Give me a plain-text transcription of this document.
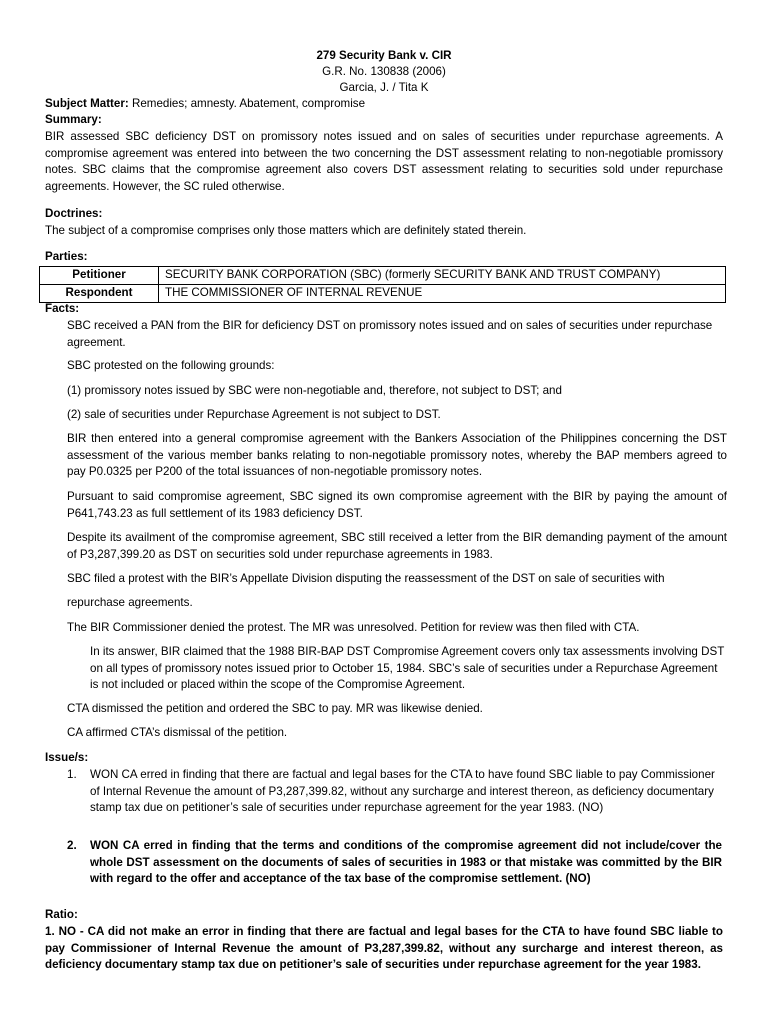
279 Security Bank v. CIR
G.R. No. 130838 (2006)
Garcia, J. / Tita K
Subject Matter: Remedies; amnesty. Abatement, compromise
Summary:

BIR assessed SBC deficiency DST on promissory notes issued and on sales of securities under repurchase agreements. A compromise agreement was entered into between the two concerning the DST assessment relating to non-negotiable promissory notes. SBC claims that the compromise agreement also covers DST assessment relating to securities sold under repurchase agreements. However, the SC ruled otherwise.

Doctrines:

The subject of a compromise comprises only those matters which are definitely stated therein.

Parties:
Petitioner	SECURITY BANK CORPORATION (SBC) (formerly SECURITY BANK AND TRUST COMPANY)
Respondent	THE COMMISSIONER OF INTERNAL REVENUE
Facts:

SBC received a PAN from the BIR for deficiency DST on promissory notes issued and on sales of securities under repurchase agreement.

SBC protested on the following grounds:

(1) promissory notes issued by SBC were non-negotiable and, therefore, not subject to DST; and

(2) sale of securities under Repurchase Agreement is not subject to DST.

BIR then entered into a general compromise agreement with the Bankers Association of the Philippines concerning the DST assessment of the various member banks relating to non-negotiable promissory notes, whereby the BAP members agreed to pay P0.0325 per P200 of the total issuances of non-negotiable promissory notes.

Pursuant to said compromise agreement, SBC signed its own compromise agreement with the BIR by paying the amount of P641,743.23 as full settlement of its 1983 deficiency DST.

Despite its availment of the compromise agreement, SBC still received a letter from the BIR demanding payment of the amount of P3,287,399.20 as DST on securities sold under repurchase agreements in 1983.

SBC filed a protest with the BIR’s Appellate Division disputing the reassessment of the DST on sale of securities with

repurchase agreements.

The BIR Commissioner denied the protest. The MR was unresolved. Petition for review was then filed with CTA.

In its answer, BIR claimed that the 1988 BIR-BAP DST Compromise Agreement covers only tax assessments involving DST on all types of promissory notes issued prior to October 15, 1984. SBC’s sale of securities under a Repurchase Agreement is not included or placed within the scope of the Compromise Agreement.

CTA dismissed the petition and ordered the SBC to pay. MR was likewise denied.

CA affirmed CTA’s dismissal of the petition.

Issue/s:
1. WON CA erred in finding that there are factual and legal bases for the CTA to have found SBC liable to pay Commissioner of Internal Revenue the amount of P3,287,399.82, without any surcharge and interest thereon, as deficiency documentary stamp tax due on petitioner’s sale of securities under repurchase agreement for the year 1983. (NO)

2. WON CA erred in finding that the terms and conditions of the compromise agreement did not include/cover the whole DST assessment on the documents of sales of securities in 1983 or that mistake was committed by the BIR with regard to the offer and acceptance of the tax base of the compromise settlement. (NO)

Ratio:

1. NO - CA did not make an error in finding that there are factual and legal bases for the CTA to have found SBC liable to pay Commissioner of Internal Revenue the amount of P3,287,399.82, without any surcharge and interest thereon, as deficiency documentary stamp tax due on petitioner’s sale of securities under repurchase agreement for the year 1983.
